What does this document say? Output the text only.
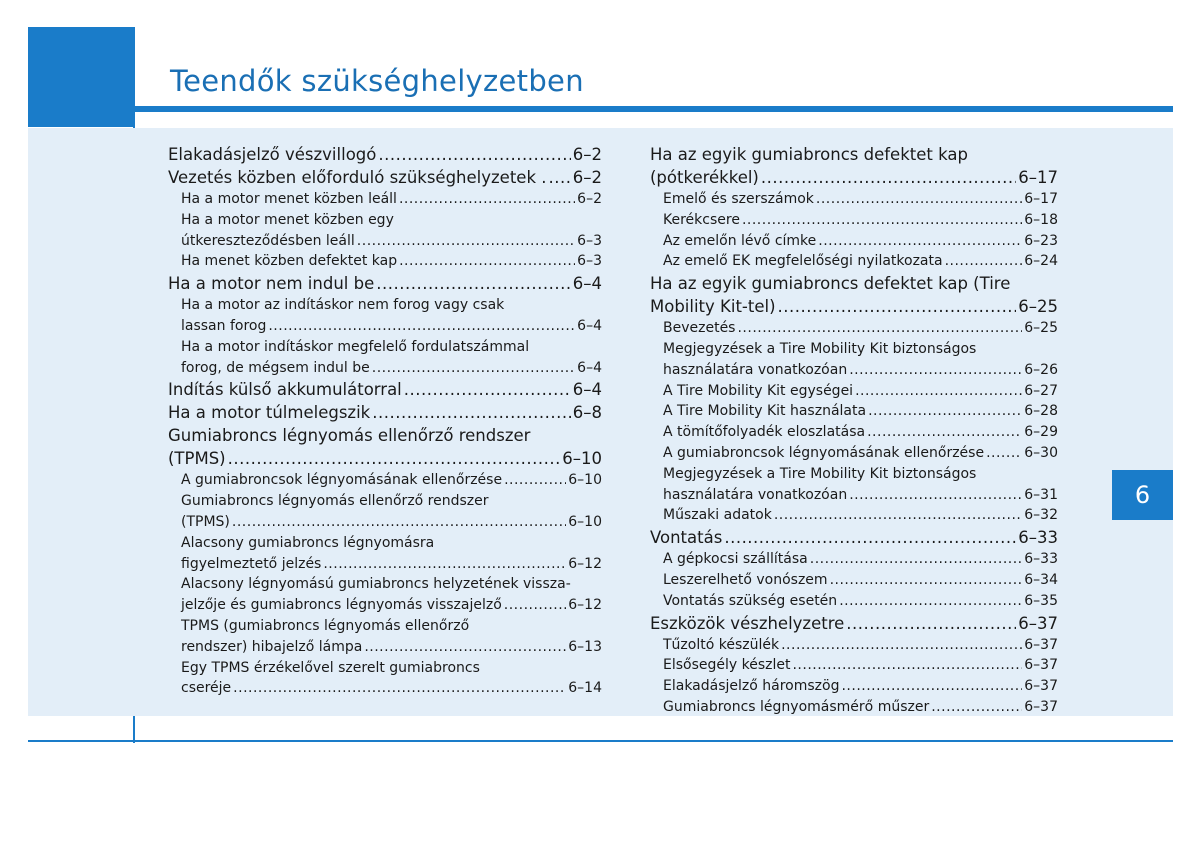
Teendők szükséghelyzetben
6
Elakadásjelző vészvillogó .....	6–2
Vezetés közben előforduló szükséghelyzetek . ..... 6–2
Ha a motor menet közben leáll .....	6–2
Ha a motor menet közben egy
útkereszteződésben leáll .....	6–3
Ha menet közben defektet kap .....	6–3
Ha a motor nem indul be .....	6–4
Ha a motor az indításkor nem forog vagy csak
lassan forog .....	6–4
Ha a motor indításkor megfelelő fordulatszámmal
forog, de mégsem indul be .....	6–4
Indítás külső akkumulátorral .....	6–4
Ha a motor túlmelegszik .....	6–8
Gumiabroncs légnyomás ellenőrző rendszer
(TPMS) .....	6–10
A gumiabroncsok légnyomásának ellenőrzése .....	6–10
Gumiabroncs légnyomás ellenőrző rendszer
(TPMS) .....	6–10
Alacsony gumiabroncs légnyomásra
figyelmeztető jelzés .....	6–12
Alacsony légnyomású gumiabroncs helyzetének vissza-
jelzője és gumiabroncs légnyomás visszajelző .....	6–12
TPMS (gumiabroncs légnyomás ellenőrző
rendszer) hibajelző lámpa .....	6–13
Egy TPMS érzékelővel szerelt gumiabroncs
cseréje .....	6–14
Ha az egyik gumiabroncs defektet kap
(pótkerékkel) .....	6–17
Emelő és szerszámok .....	6–17
Kerékcsere .....	6–18
Az emelőn lévő címke .....	6–23
Az emelő EK megfelelőségi nyilatkozata .....	6–24
Ha az egyik gumiabroncs defektet kap (Tire
Mobility Kit-tel) .....	6–25
Bevezetés .....	6–25
Megjegyzések a Tire Mobility Kit biztonságos
használatára vonatkozóan .....	6–26
A Tire Mobility Kit egységei .....	6–27
A Tire Mobility Kit használata .....	6–28
A tömítőfolyadék eloszlatása .....	6–29
A gumiabroncsok légnyomásának ellenőrzése .....	6–30
Megjegyzések a Tire Mobility Kit biztonságos
használatára vonatkozóan .....	6–31
Műszaki adatok .....	6–32
Vontatás .....	6–33
A gépkocsi szállítása .....	6–33
Leszerelhető vonószem .....	6–34
Vontatás szükség esetén .....	6–35
Eszközök vészhelyzetre .....	6–37
Tűzoltó készülék .....	6–37
Elsősegély készlet .....	6–37
Elakadásjelző háromszög .....	6–37
Gumiabroncs légnyomásmérő műszer .....	6–37
